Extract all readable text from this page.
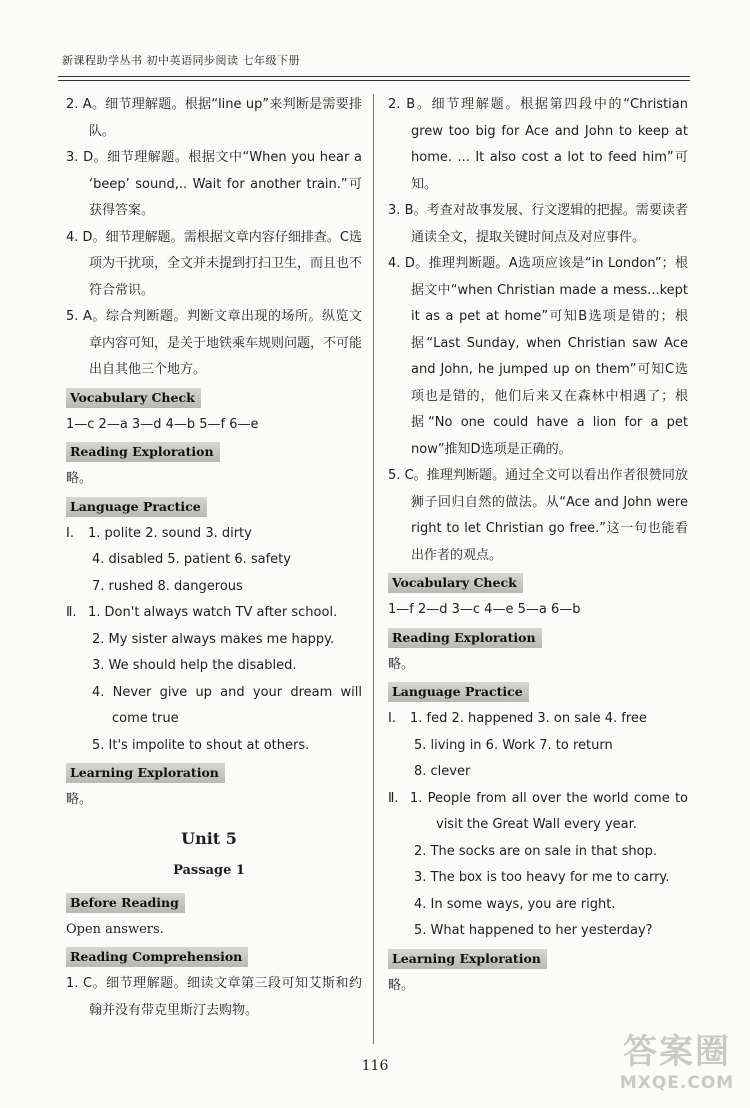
新课程助学丛书 初中英语同步阅读 七年级下册

2. A。细节理解题。根据“line up”来判断是需要排队。

3. D。细节理解题。根据文中“When you hear a ‘beep’ sound,.. Wait for another train.”可获得答案。

4. D。细节理解题。需根据文章内容仔细排查。C选项为干扰项，全文并未提到打扫卫生，而且也不符合常识。

5. A。综合判断题。判断文章出现的场所。纵览文章内容可知，是关于地铁乘车规则问题，不可能出自其他三个地方。

Vocabulary Check

1—c 2—a 3—d 4—b 5—f 6—e

Reading Exploration

略。

Language Practice

Ⅰ. 1. polite 2. sound 3. dirty

4. disabled 5. patient 6. safety

7. rushed 8. dangerous

Ⅱ. 1. Don't always watch TV after school.

2. My sister always makes me happy.

3. We should help the disabled.

4. Never give up and your dream will come true

5. It's impolite to shout at others.

Learning Exploration

略。

Unit 5
Passage 1
Before Reading

Open answers.

Reading Comprehension

1. C。细节理解题。细读文章第三段可知艾斯和约翰并没有带克里斯汀去购物。

2. B。细节理解题。根据第四段中的“Christian grew too big for Ace and John to keep at home. ... It also cost a lot to feed him”可知。

3. B。考查对故事发展、行文逻辑的把握。需要读者通读全文，提取关键时间点及对应事件。

4. D。推理判断题。A选项应该是“in London”；根据文中“when Christian made a mess...kept it as a pet at home”可知B选项是错的；根据“Last Sunday, when Christian saw Ace and John, he jumped up on them”可知C选项也是错的，他们后来又在森林中相遇了；根据“No one could have a lion for a pet now”推知D选项是正确的。

5. C。推理判断题。通过全文可以看出作者很赞同放狮子回归自然的做法。从“Ace and John were right to let Christian go free.”这一句也能看出作者的观点。

Vocabulary Check

1—f 2—d 3—c 4—e 5—a 6—b

Reading Exploration

略。

Language Practice

Ⅰ. 1. fed 2. happened 3. on sale 4. free

5. living in 6. Work 7. to return

8. clever

Ⅱ. 1. People from all over the world come to visit the Great Wall every year.

2. The socks are on sale in that shop.

3. The box is too heavy for me to carry.

4. In some ways, you are right.

5. What happened to her yesterday?

Learning Exploration

略。

116	答案圈
MXQE.COM
